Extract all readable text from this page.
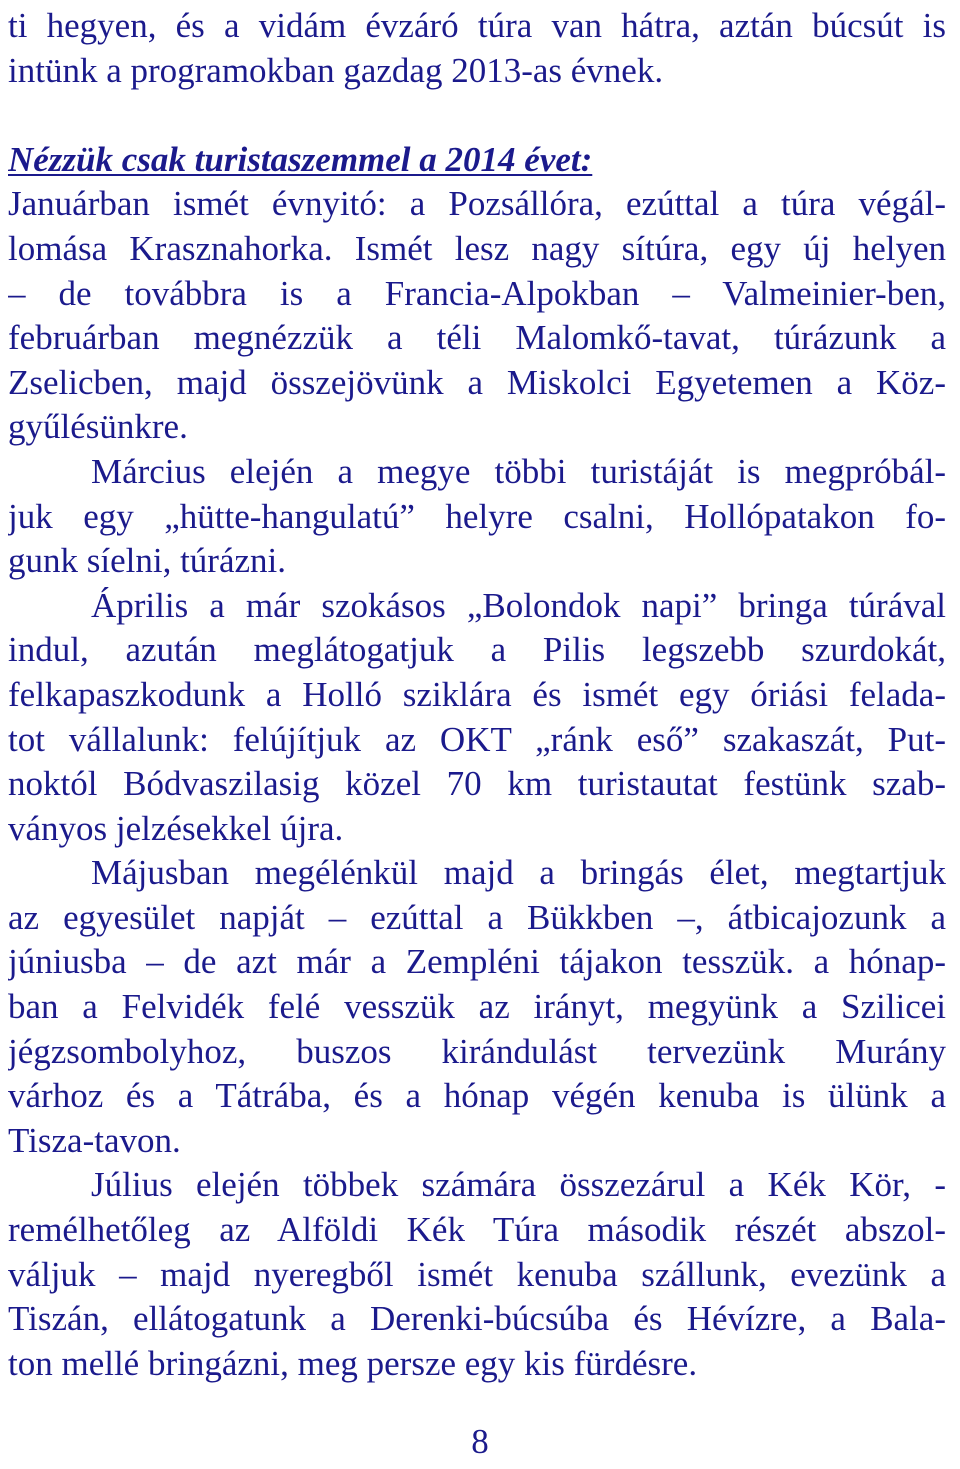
ti hegyen, és a vidám évzáró túra van hátra, aztán búcsút is
intünk a programokban gazdag 2013-as évnek.
Nézzük csak turistaszemmel a 2014 évet:
Januárban ismét évnyitó: a Pozsállóra, ezúttal a túra végál-
lomása Krasznahorka. Ismét lesz nagy sítúra, egy új helyen
– de továbbra is a Francia-Alpokban – Valmeinier-ben,
februárban megnézzük a téli Malomkő-tavat, túrázunk a
Zselicben, majd összejövünk a Miskolci Egyetemen a Köz-
gyűlésünkre.
Március elején a megye többi turistáját is megpróbál-
juk egy „hütte-hangulatú” helyre csalni, Hollópatakon fo-
gunk síelni, túrázni.
Április a már szokásos „Bolondok napi” bringa túrával
indul, azután meglátogatjuk a Pilis legszebb szurdokát,
felkapaszkodunk a Holló sziklára és ismét egy óriási felada-
tot vállalunk: felújítjuk az OKT „ránk eső” szakaszát, Put-
noktól Bódvaszilasig közel 70 km turistautat festünk szab-
ványos jelzésekkel újra.
Májusban megélénkül majd a bringás élet, megtartjuk
az egyesület napját – ezúttal a Bükkben –, átbicajozunk a
júniusba – de azt már a Zempléni tájakon tesszük. a hónap-
ban a Felvidék felé vesszük az irányt, megyünk a Szilicei
jégzsombolyhoz, buszos kirándulást tervezünk Murány
várhoz és a Tátrába, és a hónap végén kenuba is ülünk a
Tisza-tavon.
Július elején többek számára összezárul a Kék Kör, -
remélhetőleg az Alföldi Kék Túra második részét abszol-
váljuk – majd nyeregből ismét kenuba szállunk, evezünk a
Tiszán, ellátogatunk a Derenki-búcsúba és Hévízre, a Bala-
ton mellé bringázni, meg persze egy kis fürdésre.
8
